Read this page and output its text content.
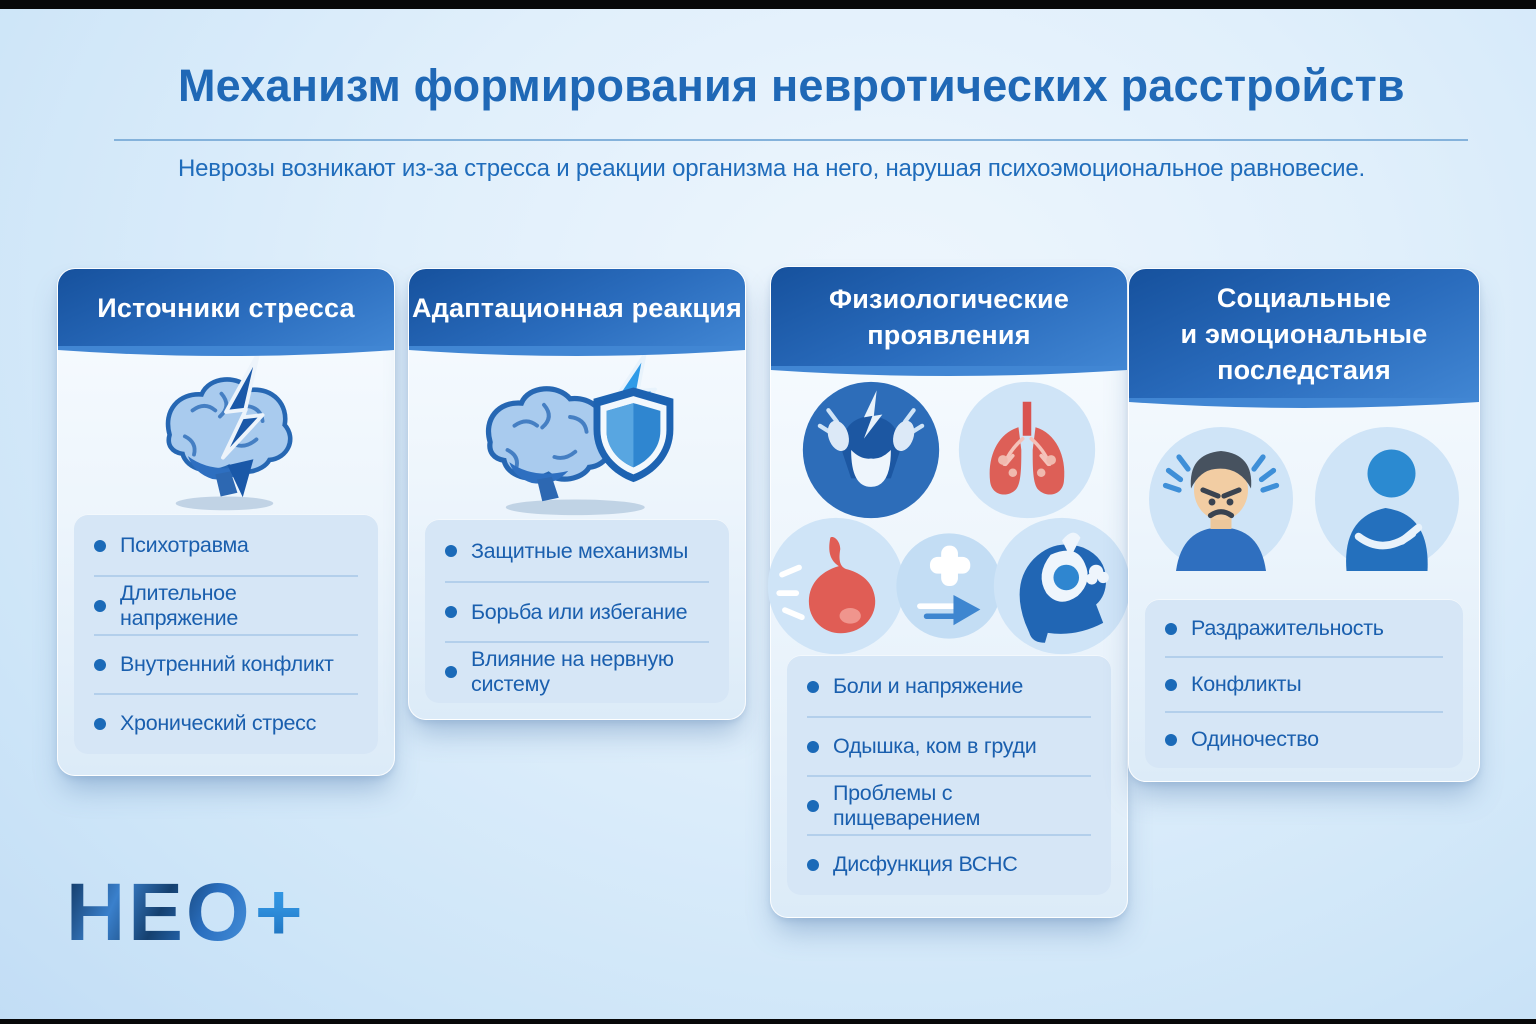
Механизм формирования невротических расстройств

Неврозы возникают из-за стресса и реакции организма на него, нарушая психоэмоциональное равновесие.

Источники стресса
Психотравма
Длительное напряжение
Внутренний конфликт
Хронический стресс
Адаптационная реакция
Защитные механизмы
Борьба или избегание
Влияние на нервную систему
Физиологические
проявления
Боли и напряжение
Одышка, ком в груди
Проблемы с пищеварением
Дисфункция ВСНС
Социальные
и эмоциональные
последстаия
Раздражительность
Конфликты
Одиночество
НЕО+
